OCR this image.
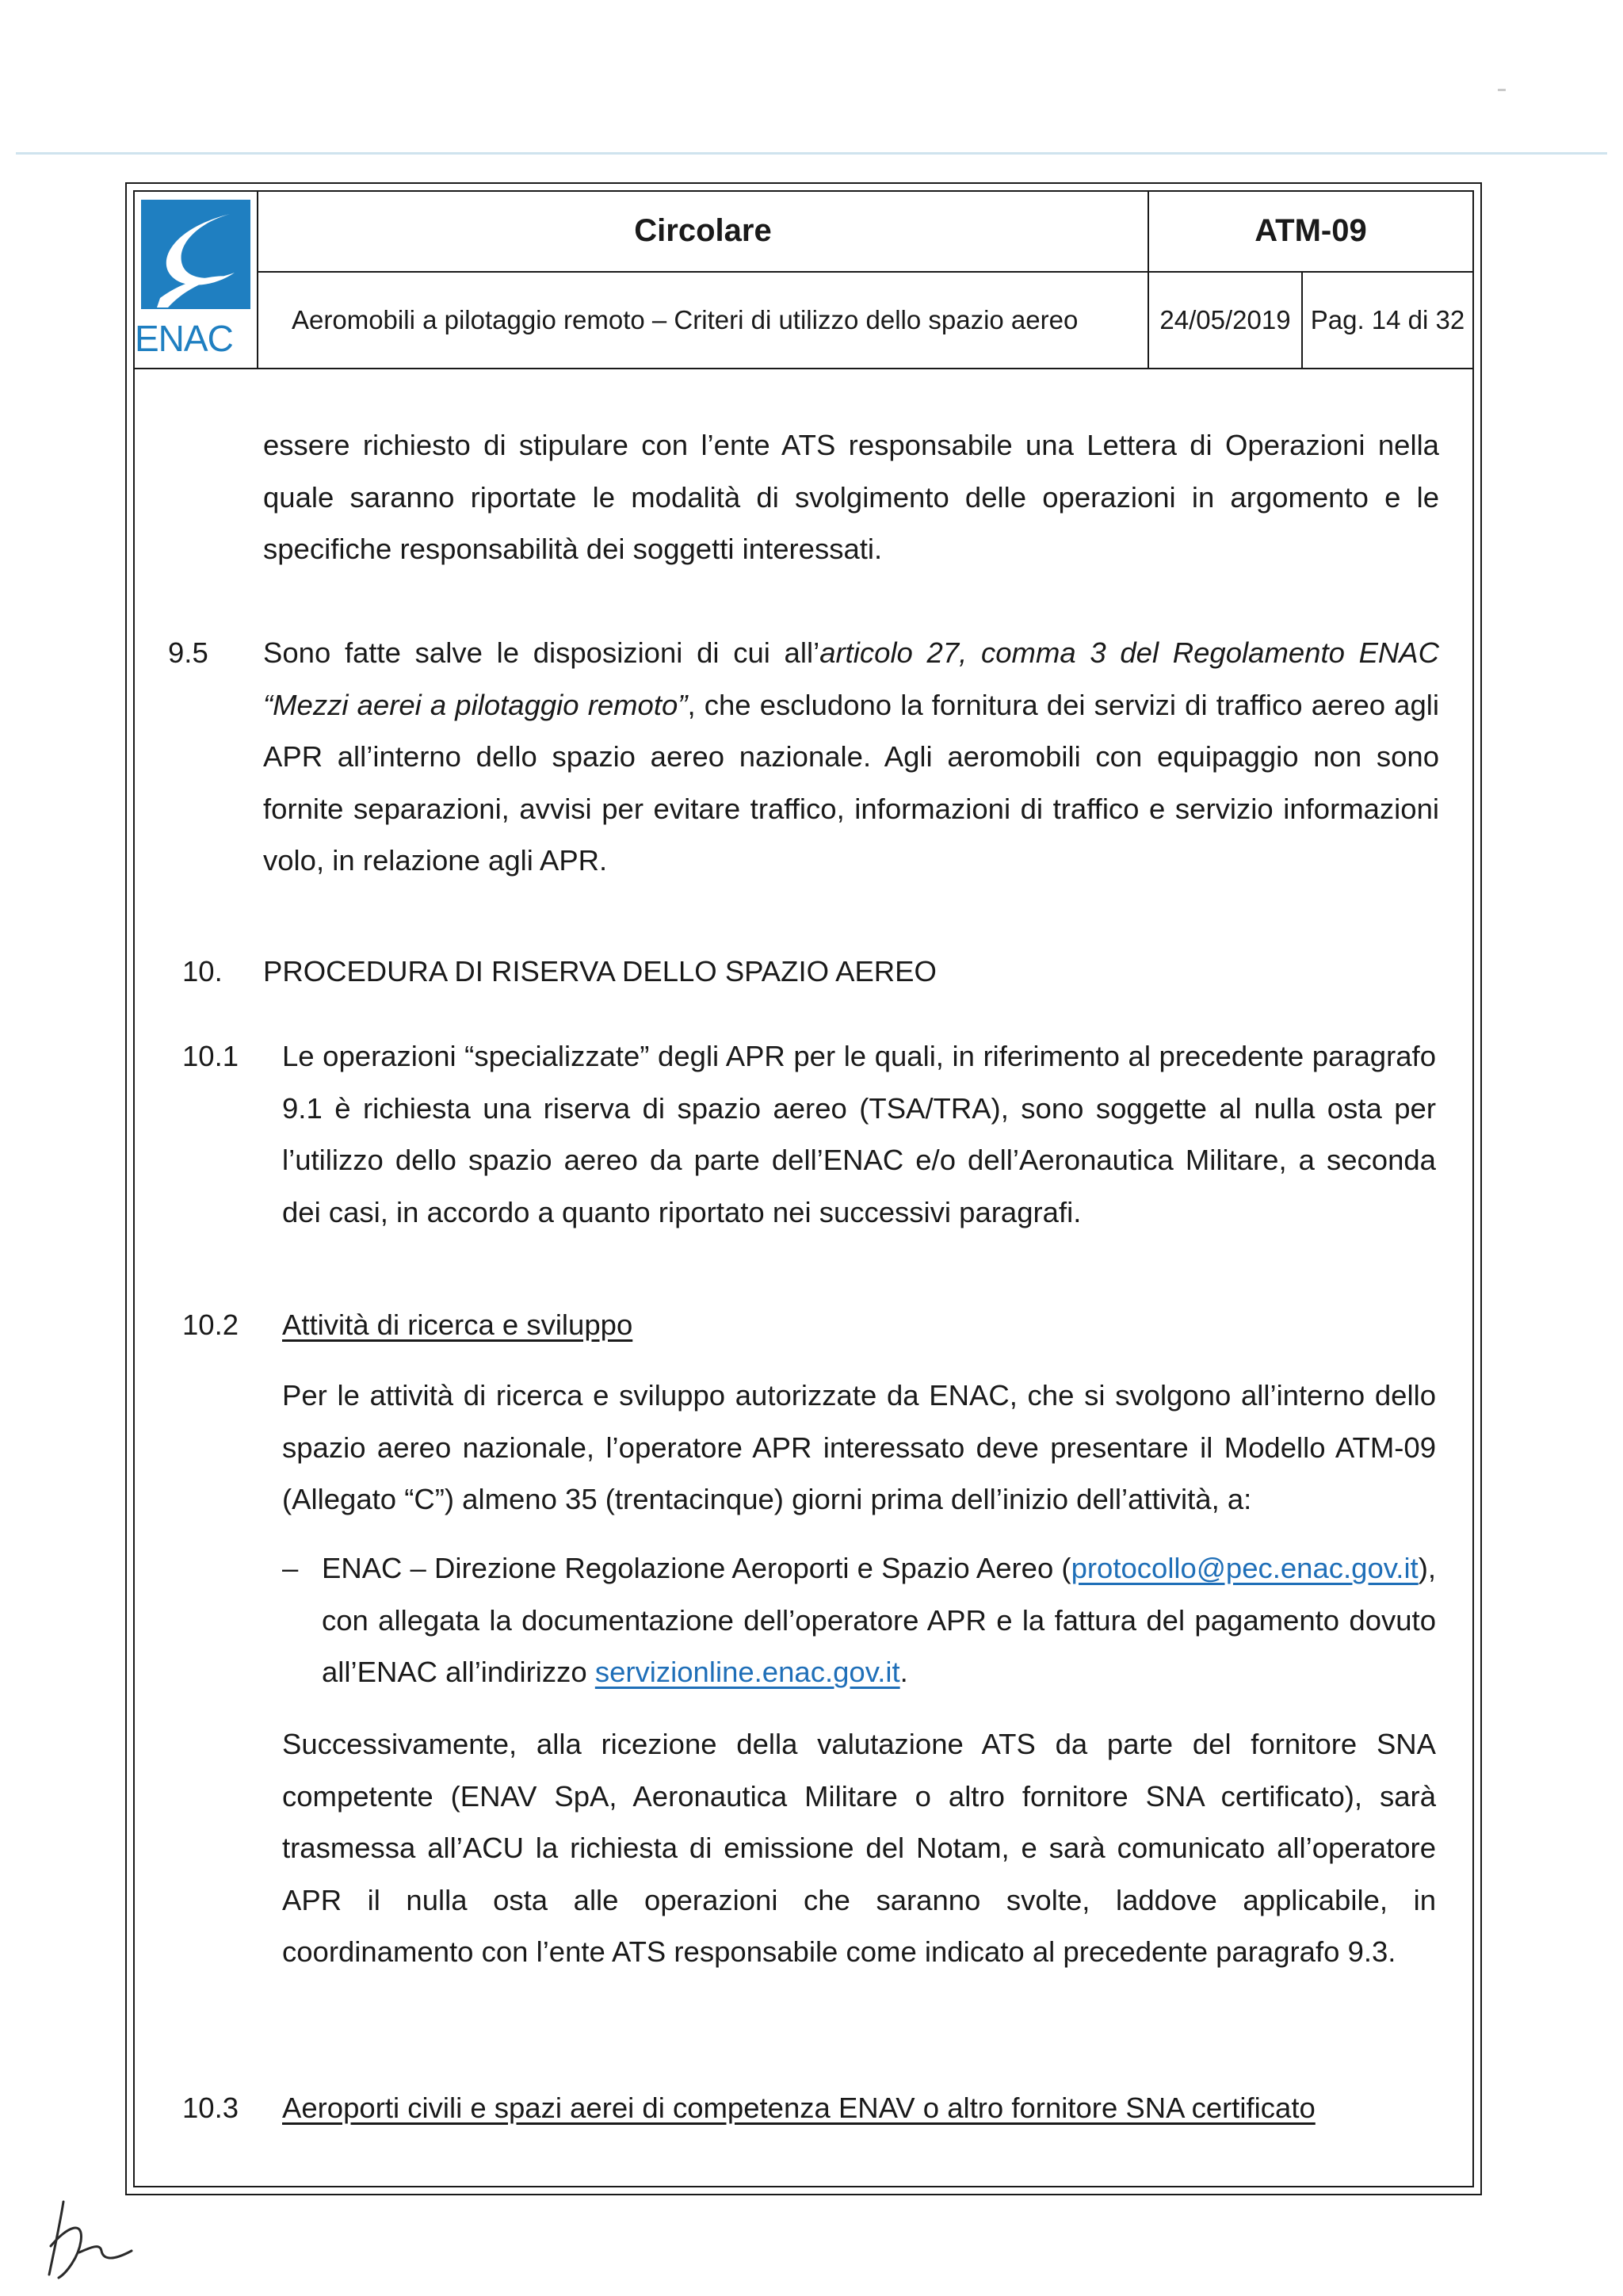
ENAC
Circolare	ATM-09
Aeromobili a pilotaggio remoto – Criteri di utilizzo dello spazio aereo	24/05/2019 Pag. 14 di 32
essere richiesto di stipulare con l’ente ATS responsabile una Lettera di Operazioni nella quale saranno riportate le modalità di svolgimento delle operazioni in argomento e le specifiche responsabilità dei soggetti interessati.
9.5 Sono fatte salve le disposizioni di cui all’articolo 27, comma 3 del Regolamento ENAC “Mezzi aerei a pilotaggio remoto”, che escludono la fornitura dei servizi di traffico aereo agli APR all’interno dello spazio aereo nazionale. Agli aeromobili con equipaggio non sono fornite separazioni, avvisi per evitare traffico, informazioni di traffico e servizio informazioni volo, in relazione agli APR.
10. PROCEDURA DI RISERVA DELLO SPAZIO AEREO
10.1 Le operazioni “specializzate” degli APR per le quali, in riferimento al precedente paragrafo 9.1 è richiesta una riserva di spazio aereo (TSA/TRA), sono soggette al nulla osta per l’utilizzo dello spazio aereo da parte dell’ENAC e/o dell’Aeronautica Militare, a seconda dei casi, in accordo a quanto riportato nei successivi paragrafi.
10.2 Attività di ricerca e sviluppo
Per le attività di ricerca e sviluppo autorizzate da ENAC, che si svolgono all’interno dello spazio aereo nazionale, l’operatore APR interessato deve presentare il Modello ATM-09 (Allegato “C”) almeno 35 (trentacinque) giorni prima dell’inizio dell’attività, a:
– ENAC – Direzione Regolazione Aeroporti e Spazio Aereo (protocollo@pec.enac.gov.it), con allegata la documentazione dell’operatore APR e la fattura del pagamento dovuto all’ENAC all’indirizzo servizionline.enac.gov.it.
Successivamente, alla ricezione della valutazione ATS da parte del fornitore SNA competente (ENAV SpA, Aeronautica Militare o altro fornitore SNA certificato), sarà trasmessa all’ACU la richiesta di emissione del Notam, e sarà comunicato all’operatore APR il nulla osta alle operazioni che saranno svolte, laddove applicabile, in coordinamento con l’ente ATS responsabile come indicato al precedente paragrafo 9.3.
10.3 Aeroporti civili e spazi aerei di competenza ENAV o altro fornitore SNA certificato
